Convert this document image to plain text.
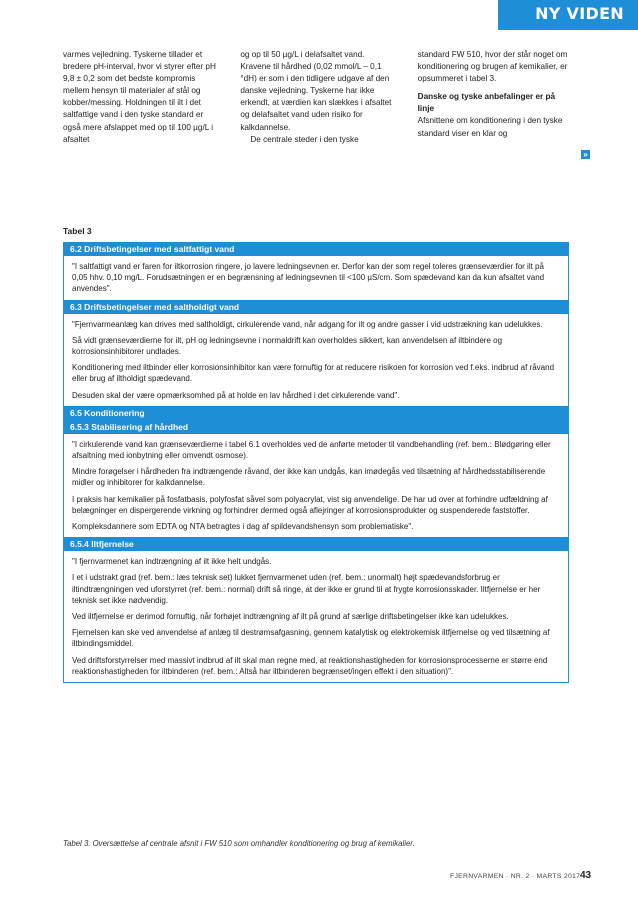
NY VIDEN

varmes vejledning. Tyskerne tillader et bredere pH-interval, hvor vi styrer efter pH 9,8 ± 0,2 som det bedste kompromis mellem hensyn til materialer af stål og kobber/messing. Holdningen til ilt i det saltfattige vand i den tyske standard er også mere afslappet med op til 100 µg/L i afsaltet

og op til 50 µg/L i delafsaltet vand. Kravene til hårdhed (0,02 mmol/L – 0,1 °dH) er som i den tidligere udgave af den danske vejledning. Tyskerne har ikke erkendt, at værdien kan slækkes i afsaltet og delafsaltet vand uden risiko for kalkdannelse.

De centrale steder i den tyske

standard FW 510, hvor der står noget om konditionering og brugen af kemikalier, er opsummeret i tabel 3.

Danske og tyske anbefalinger er på linje

Afsnittene om konditionering i den tyske standard viser en klar og

»
Tabel 3
6.2 Driftsbetingelser med saltfattigt vand

"I saltfattigt vand er faren for iltkorrosion ringere, jo lavere ledningsevnen er. Derfor kan der som regel toleres grænseværdier for ilt på 0,05 hhv. 0,10 mg/L. Forudsætningen er en begrænsning af ledningsevnen til <100 µS/cm. Som spædevand kan da kun afsaltet vand anvendes".

6.3 Driftsbetingelser med saltholdigt vand

"Fjernvarmeanlæg kan drives med saltholdigt, cirkulerende vand, når adgang for ilt og andre gasser i vid udstrækning kan udelukkes.

Så vidt grænseværdierne for ilt, pH og ledningsevne i normaldrift kan overholdes sikkert, kan anvendelsen af iltbindere og korrosionsinhibitorer undlades.

Konditionering med iltbinder eller korrosionsinhibitor kan være fornuftig for at reducere risikoen for korrosion ved f.eks. indbrud af råvand eller brug af iltholdigt spædevand.

Desuden skal der være opmærksomhed på at holde en lav hårdhed i det cirkulerende vand".

6.5 Konditionering
6.5.3 Stabilisering af hårdhed

"I cirkulerende vand kan grænseværdierne i tabel 6.1 overholdes ved de anførte metoder til vandbehandling (ref. bem.: Blødgøring eller afsaltning med ionbytning eller omvendt osmose).

Mindre forøgelser i hårdheden fra indtrængende råvand, der ikke kan undgås, kan imødegås ved tilsætning af hårdhedsstabiliserende midler og inhibitorer for kalkdannelse.

I praksis har kemikalier på fosfatbasis, polyfosfat såvel som polyacrylat, vist sig anvendelige. De har ud over at forhindre udfældning af belægninger en dispergerende virkning og forhindrer dermed også aflejringer af korrosionsprodukter og suspenderede faststoffer.

Kompleksdannere som EDTA og NTA betragtes i dag af spildevandshensyn som problematiske".

6.5.4 Iltfjernelse

"I fjernvarmenet kan indtrængning af ilt ikke helt undgås.

I et i udstrakt grad (ref. bem.: læs teknisk set) lukket fjernvarmenet uden (ref. bem.: unormalt) højt spædevandsforbrug er iltindtrængningen ved uforstyrret (ref. bem.: normal) drift så ringe, at der ikke er grund til at frygte korrosionsskader. Iltfjernelse er her teknisk set ikke nødvendig.

Ved iltfjernelse er derimod fornuftig, når forhøjet indtrængning af ilt på grund af særlige driftsbetingelser ikke kan udelukkes.

Fjernelsen kan ske ved anvendelse af anlæg til destrømsafgasning, gennem katalytisk og elektrokemisk iltfjernelse og ved tilsætning af iltbindingsmiddel.

Ved driftsforstyrrelser med massivt indbrud af ilt skal man regne med, at reaktionshastigheden for korrosionsprocesserne er større end reaktionshastigheden for iltbinderen (ref. bem.: Altså har iltbinderen begrænset/ingen effekt i den situation)".

Tabel 3. Oversættelse af centrale afsnit i FW 510 som omhandler konditionering og brug af kemikalier.
FJERNVARMEN · NR. 2 · MARTS 2017 43
